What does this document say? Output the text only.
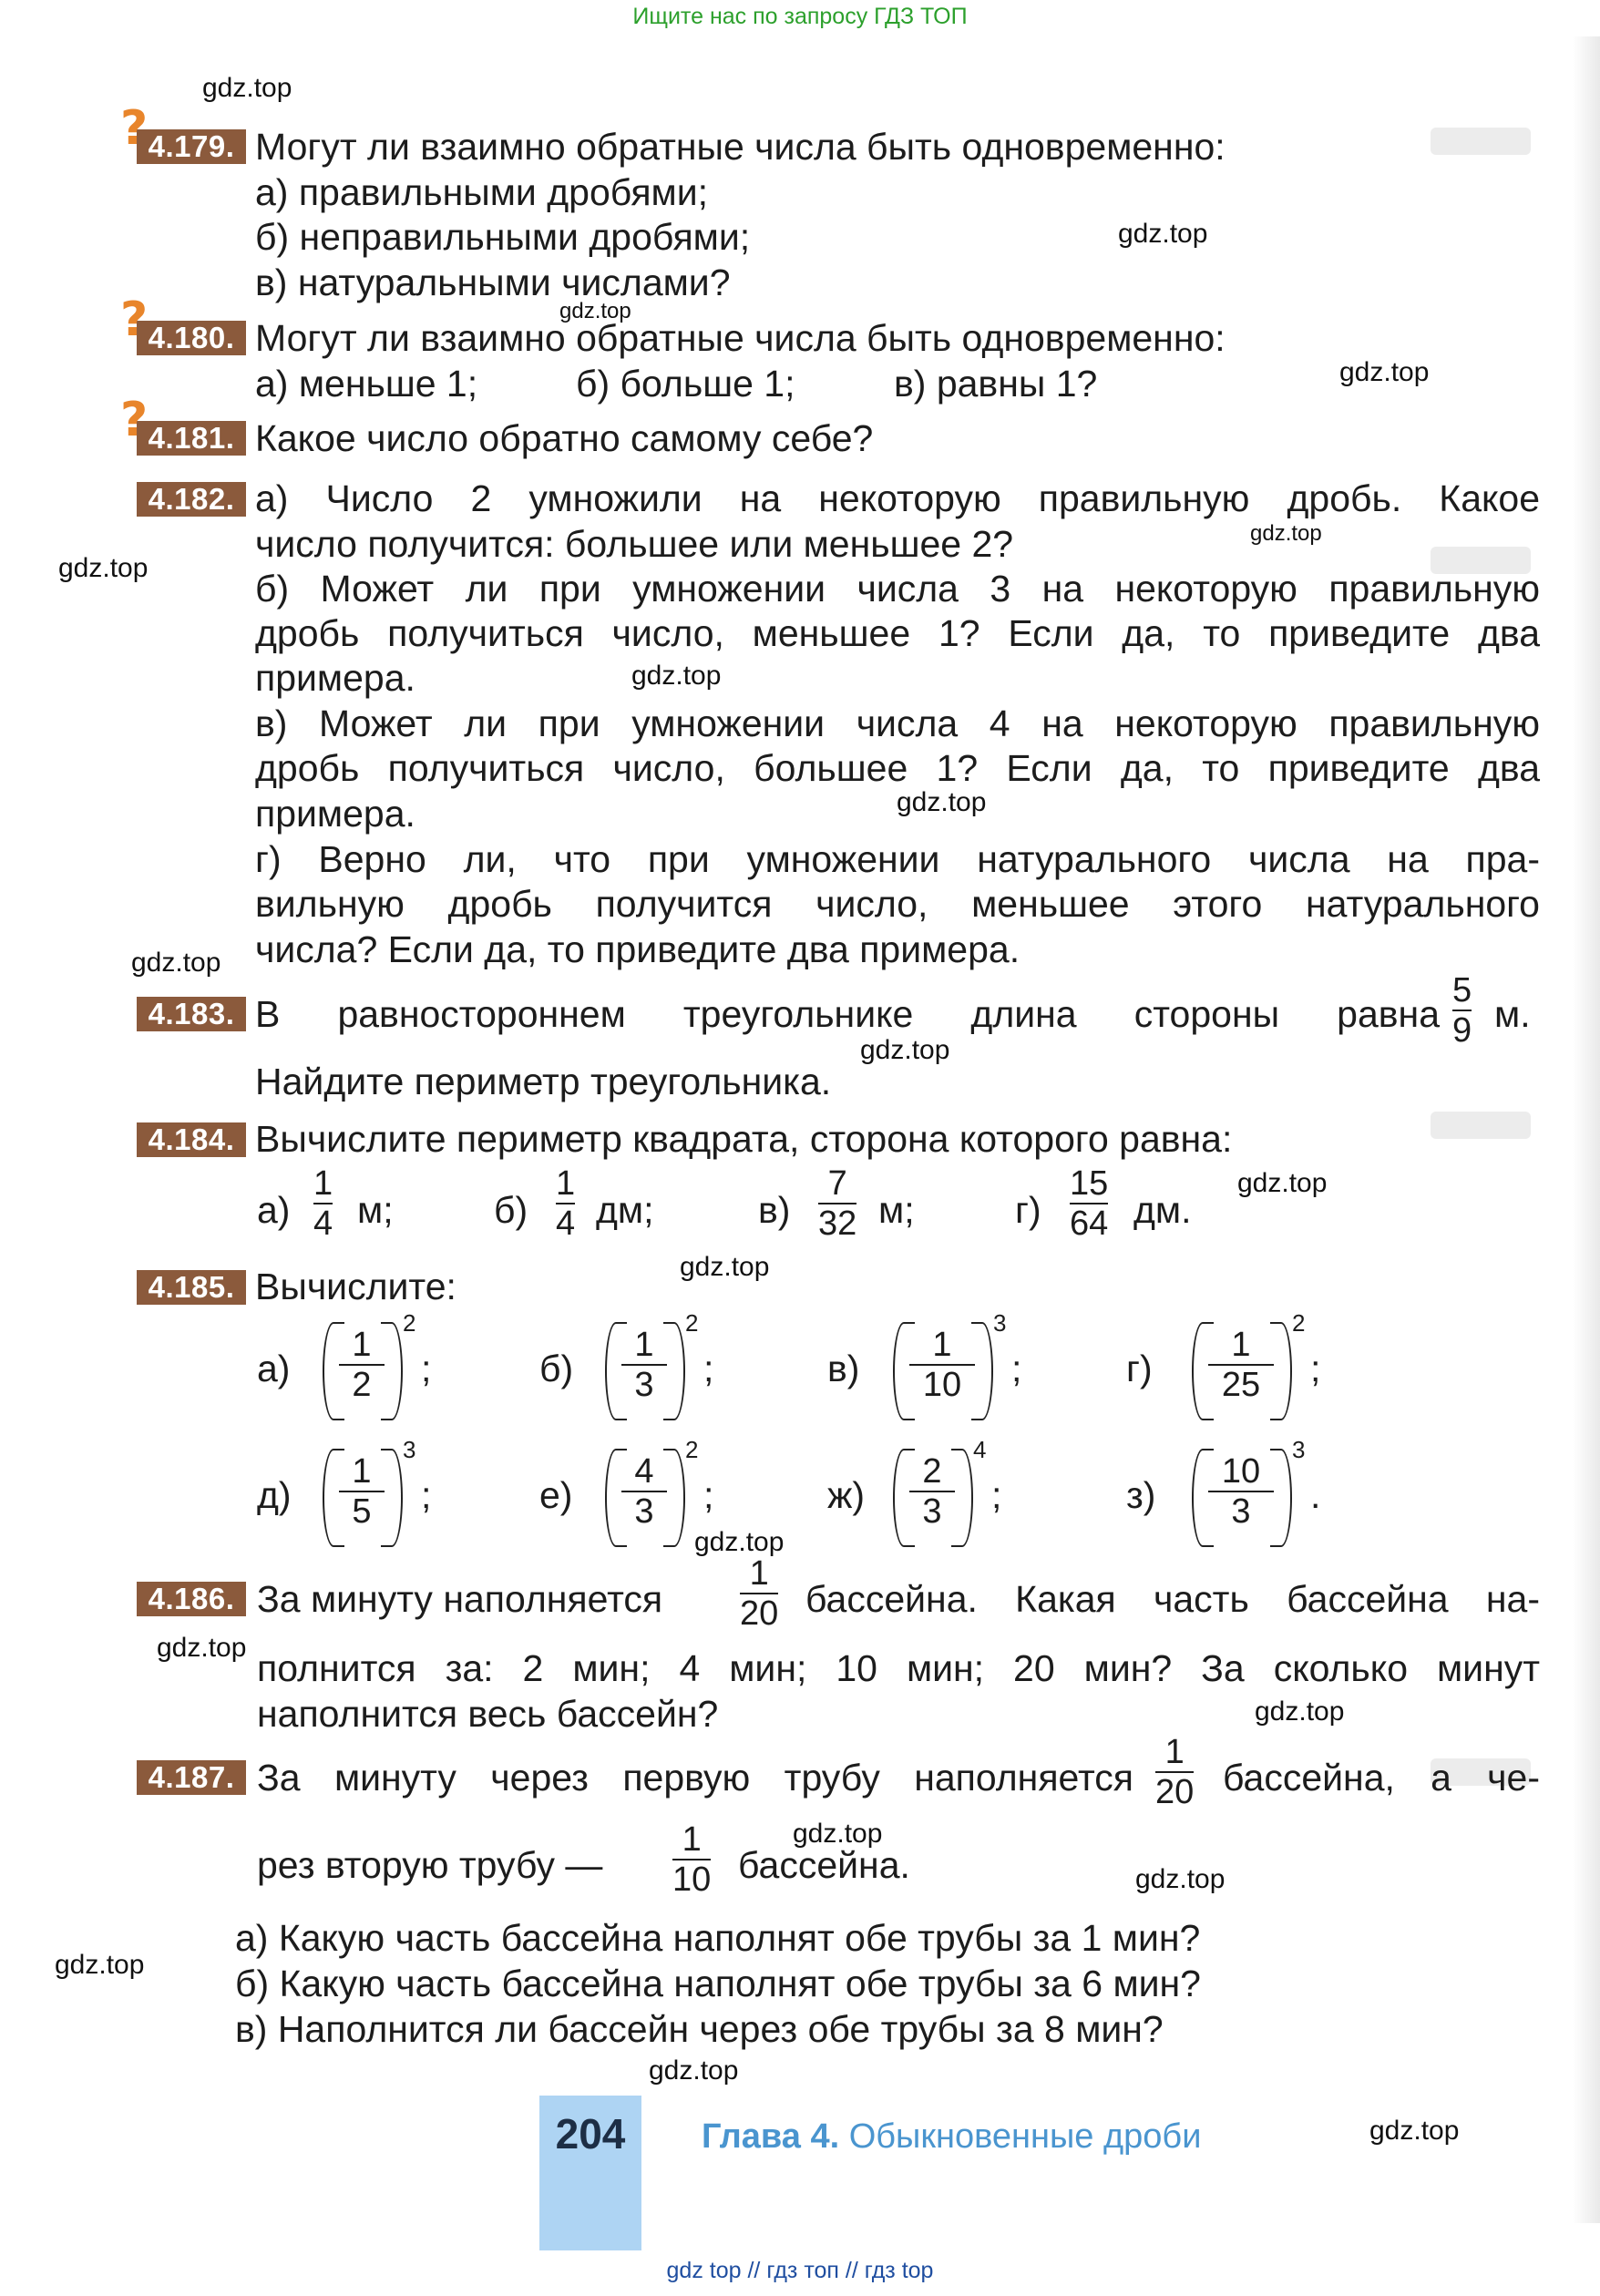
Ищите нас по запросу ГДЗ ТОП
gdz.top
gdz.top
gdz.top
gdz.top
gdz.top
gdz.top
gdz.top
gdz.top
gdz.top
gdz.top
gdz.top
gdz.top
gdz.top
gdz.top
gdz.top
gdz.top
gdz.top
gdz.top
gdz.top
gdz.top
? 4.179. Могут ли взаимно обратные числа быть одновременно:
а) правильными дробями;
б) неправильными дробями;
в) натуральными числами?
? 4.180. Могут ли взаимно обратные числа быть одновременно:
а) меньше 1;	б) больше 1;	в) равны 1?
? 4.181. Какое число обратно самому себе?
4.182. а) Число 2 умножили на некоторую правильную дробь. Какое
число получится: большее или меньшее 2?
б) Может ли при умножении числа 3 на некоторую правильную
дробь получиться число, меньшее 1? Если да, то приведите два
примера.
в) Может ли при умножении числа 4 на некоторую правильную
дробь получиться число, большее 1? Если да, то приведите два
примера.
г) Верно ли, что при умножении натурального числа на пра-
вильную дробь получится число, меньшее этого натурального
числа? Если да, то приведите два примера.
4.183. В равностороннем треугольнике длина стороны равна
5
9 м.
Найдите периметр треугольника.
4.184. Вычислите периметр квадрата, сторона которого равна:
а)
1
4 м;	б)
1
4 дм;	в)
7
32 м;	г)
15
64 дм.
4.185. Вычислите:
а)
1
2
2
;	б)
1
3
2
;	в)
1
10
3
;	г)
1
25
2
;
д)
1
5
3
;	е)
4
3
2
;	ж)
2
3
4
;	з)
10
3
3
.
4.186. За минуту наполняется
1
20 бассейна. Какая часть бассейна на-
полнится за: 2 мин; 4 мин; 10 мин; 20 мин? За сколько минут
наполнится весь бассейн?
4.187. За минуту через первую трубу наполняется
1
20 бассейна, а че-
рез вторую трубу —
1
10 бассейна.
а) Какую часть бассейна наполнят обе трубы за 1 мин?
б) Какую часть бассейна наполнят обе трубы за 6 мин?
в) Наполнится ли бассейн через обе трубы за 8 мин?
204	Глава 4. Обыкновенные дроби
gdz top // гдз топ // гдз top
